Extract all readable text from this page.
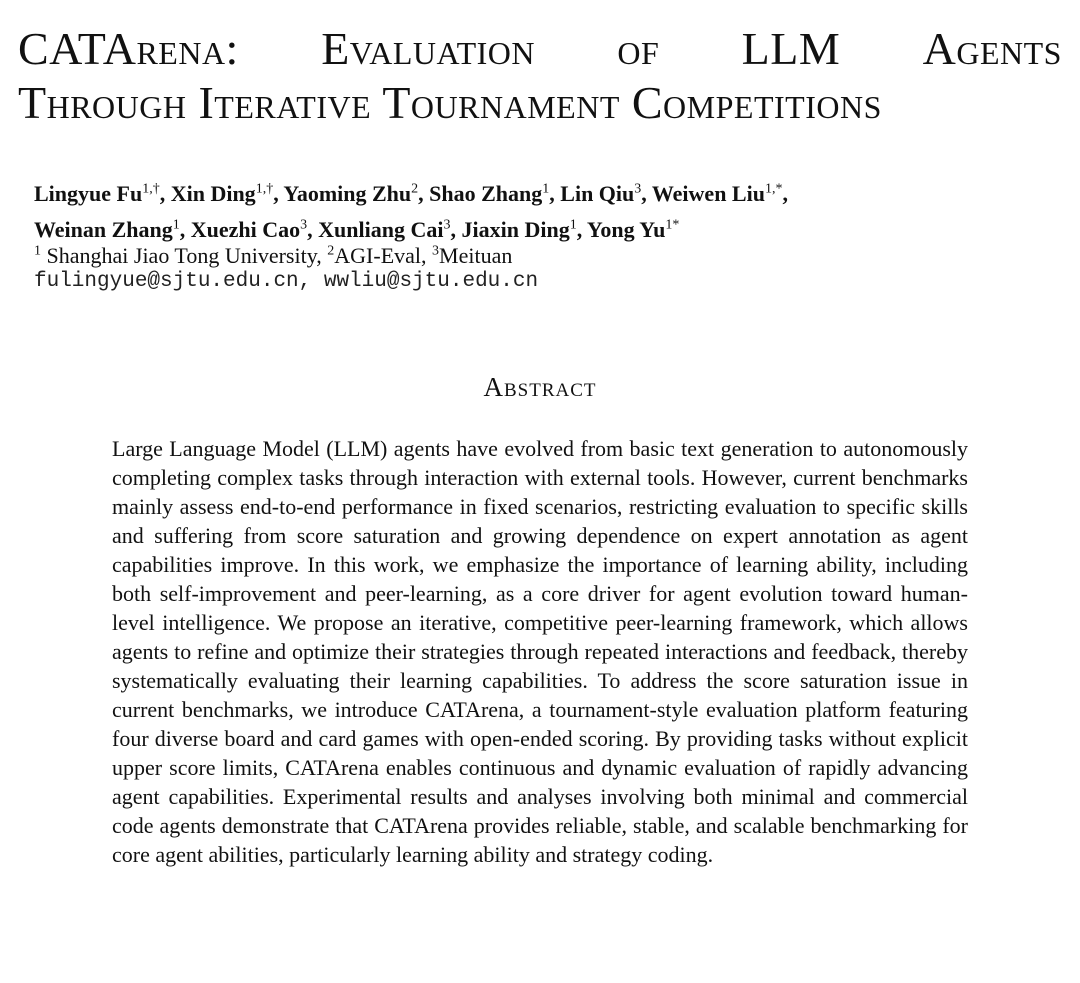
CATArena: Evaluation of LLM Agents
Through Iterative Tournament Competitions
Lingyue $Fu^{1,\dagger}$, Xin Ding$^{1,\dagger}$, Yaoming Zhu$^2$, Shao Zhang$^1$, Lin Qiu$^3$, Weiwen Liu$^{1,*}$,
Weinan Zhang$^1$, Xuezhi Cao$^3$, Xunliang Cai$^3$, Jiaxin Ding$^1$, Yong $Yu^{1*}$
$^1$ Shanghai Jiao Tong University, $^2$AGI-Eval, $^3$Meituan
fulingyue@sjtu.edu.cn, wwliu@sjtu.edu.cn
Abstract

Large Language Model (LLM) agents have evolved from basic text generation to autonomously completing complex tasks through interaction with external tools. However, current benchmarks mainly assess end-to-end performance in fixed scenarios, restricting evaluation to specific skills and suffering from score saturation and growing dependence on expert annotation as agent capabilities improve. In this work, we emphasize the importance of learning ability, including both self-improvement and peer-learning, as a core driver for agent evolution toward human-level intelligence. We propose an iterative, competitive peer-learning framework, which allows agents to refine and optimize their strategies through repeated interactions and feedback, thereby systematically evaluating their learning capabilities. To address the score saturation issue in current benchmarks, we introduce CATArena, a tournament-style evaluation platform featuring four diverse board and card games with open-ended scoring. By providing tasks without explicit upper score limits, CATArena enables continuous and dynamic evaluation of rapidly advancing agent capabilities. Experimental results and analyses involving both minimal and commercial code agents demonstrate that CATArena provides reliable, stable, and scalable benchmarking for core agent abilities, particularly learning ability and strategy coding.
